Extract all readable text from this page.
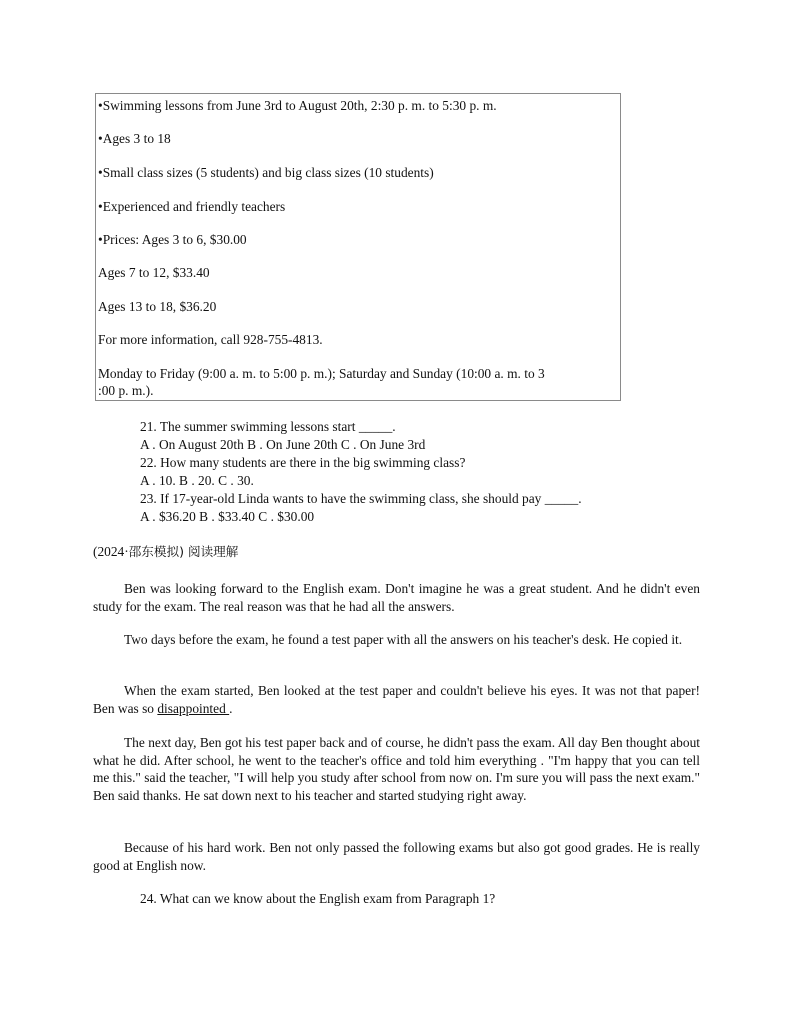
•Swimming lessons from June 3rd to August 20th, 2:30 p. m. to 5:30 p. m.
•Ages 3 to 18
•Small class sizes (5 students) and big class sizes (10 students)
•Experienced and friendly teachers
•Prices: Ages 3 to 6, $30.00
Ages 7 to 12, $33.40
Ages 13 to 18, $36.20
For more information, call 928-755-4813.
Monday to Friday (9:00 a. m. to 5:00 p. m.); Saturday and Sunday (10:00 a. m. to 3
:00 p. m.).
21. The summer swimming lessons start _____.
A . On August 20th B . On June 20th C . On June 3rd
22. How many students are there in the big swimming class?
A . 10. B . 20. C . 30.
23. If 17-year-old Linda wants to have the swimming class, she should pay _____.
A . $36.20 B . $33.40 C . $30.00
(2024·邵东模拟) 阅读理解

Ben was looking forward to the English exam. Don't imagine he was a great student. And he didn't even study for the exam. The real reason was that he had all the answers.

Two days before the exam, he found a test paper with all the answers on his teacher's desk. He copied it.

When the exam started, Ben looked at the test paper and couldn't believe his eyes. It was not that paper! Ben was so disappointed .

The next day, Ben got his test paper back and of course, he didn't pass the exam. All day Ben thought about what he did. After school, he went to the teacher's office and told him everything . "I'm happy that you can tell me this." said the teacher, "I will help you study after school from now on. I'm sure you will pass the next exam." Ben said thanks. He sat down next to his teacher and started studying right away.

Because of his hard work. Ben not only passed the following exams but also got good grades. He is really good at English now.

24. What can we know about the English exam from Paragraph 1?
